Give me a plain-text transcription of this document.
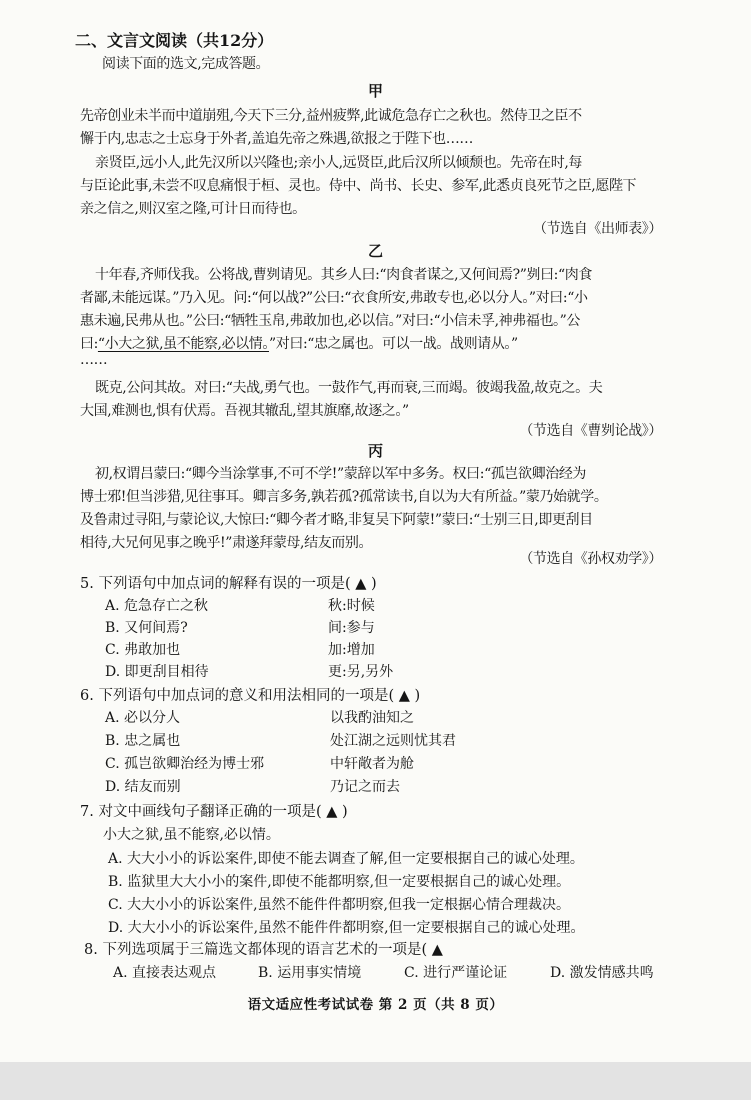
二、文言文阅读（共12分）
阅读下面的选文,完成答题。
甲
先帝创业未半而中道崩殂,今天下三分,益州疲弊,此诚危急存亡之秋也。然侍卫之臣不
懈于内,忠志之士忘身于外者,盖追先帝之殊遇,欲报之于陛下也……
亲贤臣,远小人,此先汉所以兴隆也;亲小人,远贤臣,此后汉所以倾颓也。先帝在时,每
与臣论此事,未尝不叹息痛恨于桓、灵也。侍中、尚书、长史、参军,此悉贞良死节之臣,愿陛下
亲之信之,则汉室之隆,可计日而待也。
（节选自《出师表》）
乙
十年春,齐师伐我。公将战,曹刿请见。其乡人曰:“肉食者谋之,又何间焉?”刿曰:“肉食
者鄙,未能远谋。”乃入见。问:“何以战?”公曰:“衣食所安,弗敢专也,必以分人。”对曰:“小
惠未遍,民弗从也。”公曰:“牺牲玉帛,弗敢加也,必以信。”对曰:“小信未孚,神弗福也。”公
曰:“小大之狱,虽不能察,必以情。”对曰:“忠之属也。可以一战。战则请从。”
……
既克,公问其故。对曰:“夫战,勇气也。一鼓作气,再而衰,三而竭。彼竭我盈,故克之。夫
大国,难测也,惧有伏焉。吾视其辙乱,望其旗靡,故逐之。”
（节选自《曹刿论战》）
丙
初,权谓吕蒙曰:“卿今当涂掌事,不可不学!”蒙辞以军中多务。权曰:“孤岂欲卿治经为
博士邪!但当涉猎,见往事耳。卿言多务,孰若孤?孤常读书,自以为大有所益。”蒙乃始就学。
及鲁肃过寻阳,与蒙论议,大惊曰:“卿今者才略,非复吴下阿蒙!”蒙曰:“士别三日,即更刮目
相待,大兄何见事之晚乎!”肃遂拜蒙母,结友而别。
（节选自《孙权劝学》）
5. 下列语句中加点词的解释有误的一项是( ▲ )
A. 危急存亡之秋	秋:时候
B. 又何间焉?	间:参与
C. 弗敢加也	加:增加
D. 即更刮目相待	更:另,另外
6. 下列语句中加点词的意义和用法相同的一项是( ▲ )
A. 必以分人	以我酌油知之
B. 忠之属也	处江湖之远则忧其君
C. 孤岂欲卿治经为博士邪	中轩敞者为舱
D. 结友而别	乃记之而去
7. 对文中画线句子翻译正确的一项是( ▲ )
小大之狱,虽不能察,必以情。
A. 大大小小的诉讼案件,即使不能去调查了解,但一定要根据自己的诚心处理。
B. 监狱里大大小小的案件,即使不能都明察,但一定要根据自己的诚心处理。
C. 大大小小的诉讼案件,虽然不能件件都明察,但我一定根据心情合理裁决。
D. 大大小小的诉讼案件,虽然不能件件都明察,但一定要根据自己的诚心处理。
8. 下列选项属于三篇选文都体现的语言艺术的一项是( ▲
A. 直接表达观点	B. 运用事实情境	C. 进行严谨论证	D. 激发情感共鸣
语文适应性考试试卷 第 2 页（共 8 页）
